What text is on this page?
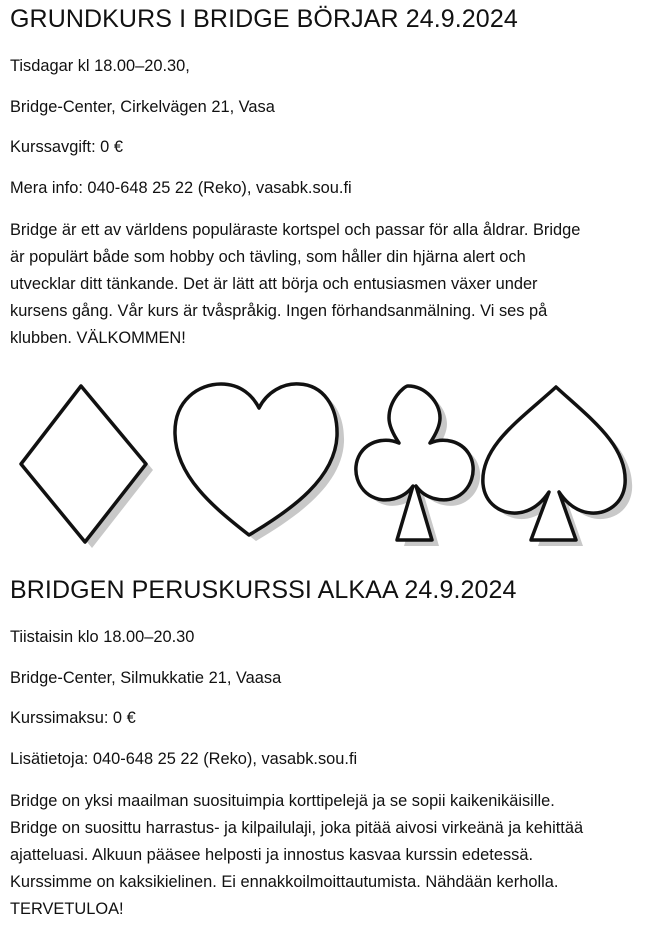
GRUNDKURS I BRIDGE BÖRJAR 24.9.2024

Tisdagar kl 18.00–20.30,

Bridge-Center, Cirkelvägen 21, Vasa

Kurssavgift: 0 €

Mera info: 040-648 25 22 (Reko), vasabk.sou.fi

Bridge är ett av världens populäraste kortspel och passar för alla åldrar. Bridge
är populärt både som hobby och tävling, som håller din hjärna alert och
utvecklar ditt tänkande. Det är lätt att börja och entusiasmen växer under
kursens gång. Vår kurs är tvåspråkig. Ingen förhandsanmälning. Vi ses på
klubben. VÄLKOMMEN!
BRIDGEN PERUSKURSSI ALKAA 24.9.2024

Tiistaisin klo 18.00–20.30

Bridge-Center, Silmukkatie 21, Vaasa

Kurssimaksu: 0 €

Lisätietoja: 040-648 25 22 (Reko), vasabk.sou.fi

Bridge on yksi maailman suosituimpia korttipelejä ja se sopii kaikenikäisille.
Bridge on suosittu harrastus- ja kilpailulaji, joka pitää aivosi virkeänä ja kehittää
ajatteluasi. Alkuun pääsee helposti ja innostus kasvaa kurssin edetessä.
Kurssimme on kaksikielinen. Ei ennakkoilmoittautumista. Nähdään kerholla.
TERVETULOA!
